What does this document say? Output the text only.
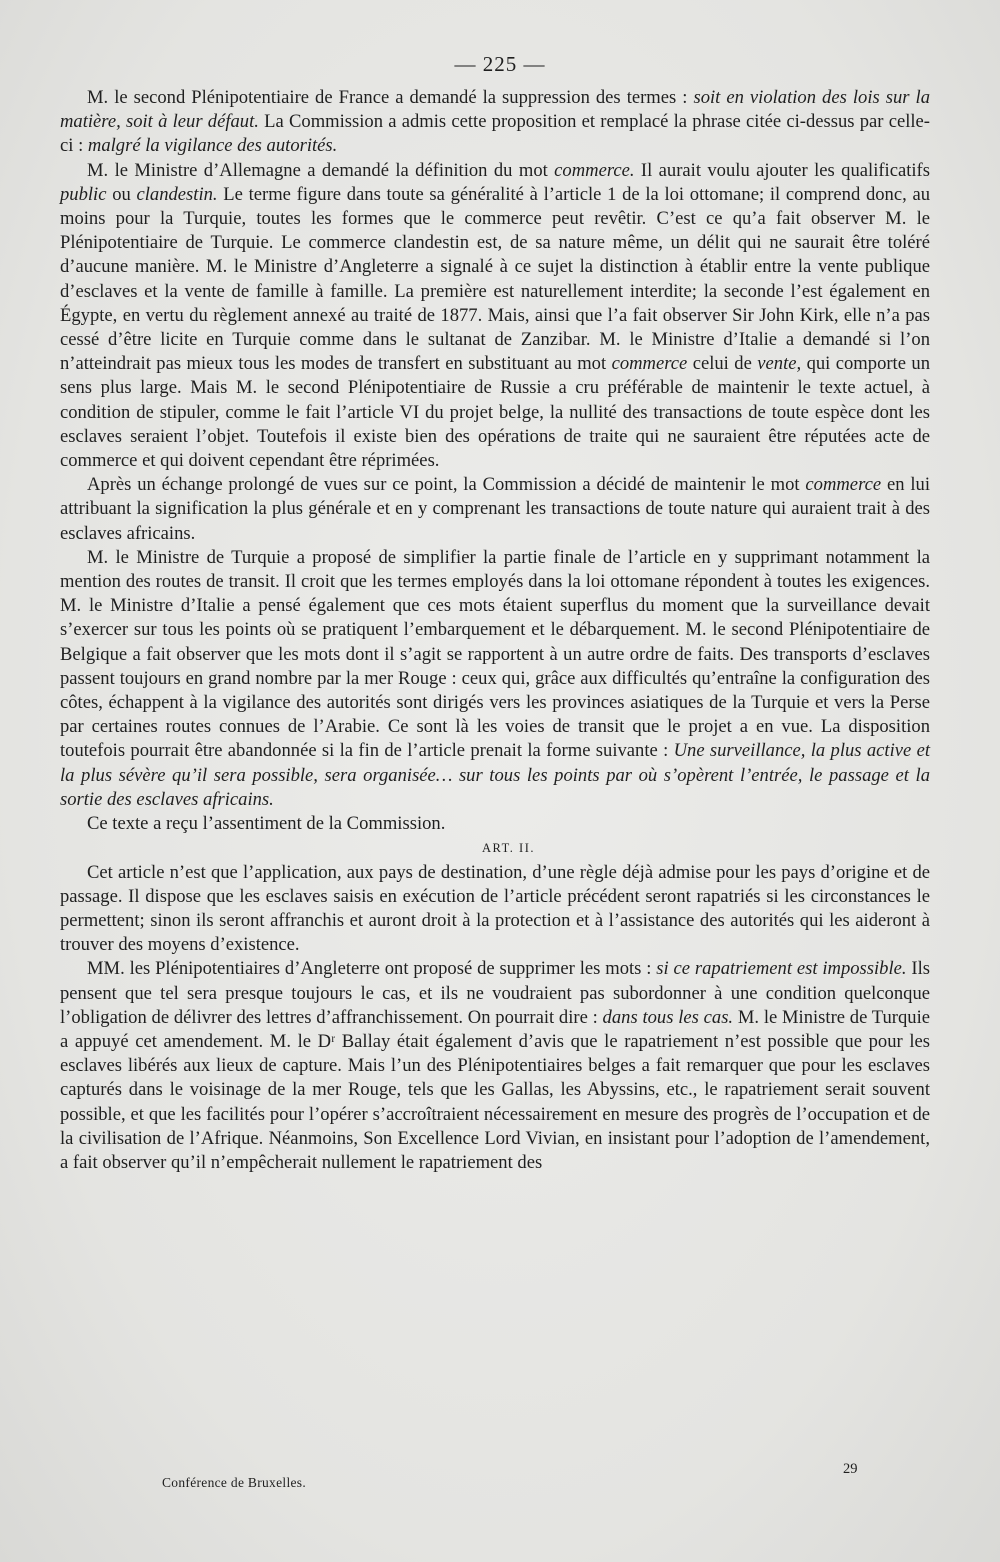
— 225 —

M. le second Plénipotentiaire de France a demandé la suppression des termes : soit en violation des lois sur la matière, soit à leur défaut. La Commission a admis cette proposition et remplacé la phrase citée ci-dessus par celle-ci : malgré la vigilance des autorités.

M. le Ministre d’Allemagne a demandé la définition du mot commerce. Il aurait voulu ajouter les qualificatifs public ou clandestin. Le terme figure dans toute sa généralité à l’article 1 de la loi ottomane; il comprend donc, au moins pour la Turquie, toutes les formes que le commerce peut revêtir. C’est ce qu’a fait observer M. le Plénipotentiaire de Turquie. Le commerce clandestin est, de sa nature même, un délit qui ne saurait être toléré d’aucune manière. M. le Ministre d’Angleterre a signalé à ce sujet la distinction à établir entre la vente publique d’esclaves et la vente de famille à famille. La première est naturellement interdite; la seconde l’est également en Égypte, en vertu du règlement annexé au traité de 1877. Mais, ainsi que l’a fait observer Sir John Kirk, elle n’a pas cessé d’être licite en Turquie comme dans le sultanat de Zanzibar. M. le Ministre d’Italie a demandé si l’on n’atteindrait pas mieux tous les modes de transfert en substituant au mot commerce celui de vente, qui comporte un sens plus large. Mais M. le second Plénipotentiaire de Russie a cru préférable de maintenir le texte actuel, à condition de stipuler, comme le fait l’article VI du projet belge, la nullité des transactions de toute espèce dont les esclaves seraient l’objet. Toutefois il existe bien des opérations de traite qui ne sauraient être réputées acte de commerce et qui doivent cependant être réprimées.

Après un échange prolongé de vues sur ce point, la Commission a décidé de maintenir le mot commerce en lui attribuant la signification la plus générale et en y comprenant les transactions de toute nature qui auraient trait à des esclaves africains.

M. le Ministre de Turquie a proposé de simplifier la partie finale de l’article en y supprimant notamment la mention des routes de transit. Il croit que les termes employés dans la loi ottomane répondent à toutes les exigences. M. le Ministre d’Italie a pensé également que ces mots étaient superflus du moment que la surveillance devait s’exercer sur tous les points où se pratiquent l’embarquement et le débarquement. M. le second Plénipotentiaire de Belgique a fait observer que les mots dont il s’agit se rapportent à un autre ordre de faits. Des transports d’esclaves passent toujours en grand nombre par la mer Rouge : ceux qui, grâce aux difficultés qu’entraîne la configuration des côtes, échappent à la vigilance des autorités sont dirigés vers les provinces asiatiques de la Turquie et vers la Perse par certaines routes connues de l’Arabie. Ce sont là les voies de transit que le projet a en vue. La disposition toutefois pourrait être abandonnée si la fin de l’article prenait la forme suivante : Une surveillance, la plus active et la plus sévère qu’il sera possible, sera organisée… sur tous les points par où s’opèrent l’entrée, le passage et la sortie des esclaves africains.

Ce texte a reçu l’assentiment de la Commission.

ART. II.

Cet article n’est que l’application, aux pays de destination, d’une règle déjà admise pour les pays d’origine et de passage. Il dispose que les esclaves saisis en exécution de l’article précédent seront rapatriés si les circonstances le permettent; sinon ils seront affranchis et auront droit à la protection et à l’assistance des autorités qui les aideront à trouver des moyens d’existence.

MM. les Plénipotentiaires d’Angleterre ont proposé de supprimer les mots : si ce rapatriement est impossible. Ils pensent que tel sera presque toujours le cas, et ils ne voudraient pas subordonner à une condition quelconque l’obligation de délivrer des lettres d’affranchissement. On pourrait dire : dans tous les cas. M. le Ministre de Turquie a appuyé cet amendement. M. le Dʳ Ballay était également d’avis que le rapatriement n’est possible que pour les esclaves libérés aux lieux de capture. Mais l’un des Plénipotentiaires belges a fait remarquer que pour les esclaves capturés dans le voisinage de la mer Rouge, tels que les Gallas, les Abyssins, etc., le rapatriement serait souvent possible, et que les facilités pour l’opérer s’accroîtraient nécessairement en mesure des progrès de l’occupation et de la civilisation de l’Afrique. Néanmoins, Son Excellence Lord Vivian, en insistant pour l’adoption de l’amendement, a fait observer qu’il n’empêcherait nullement le rapatriement des

Conférence de Bruxelles.
29
